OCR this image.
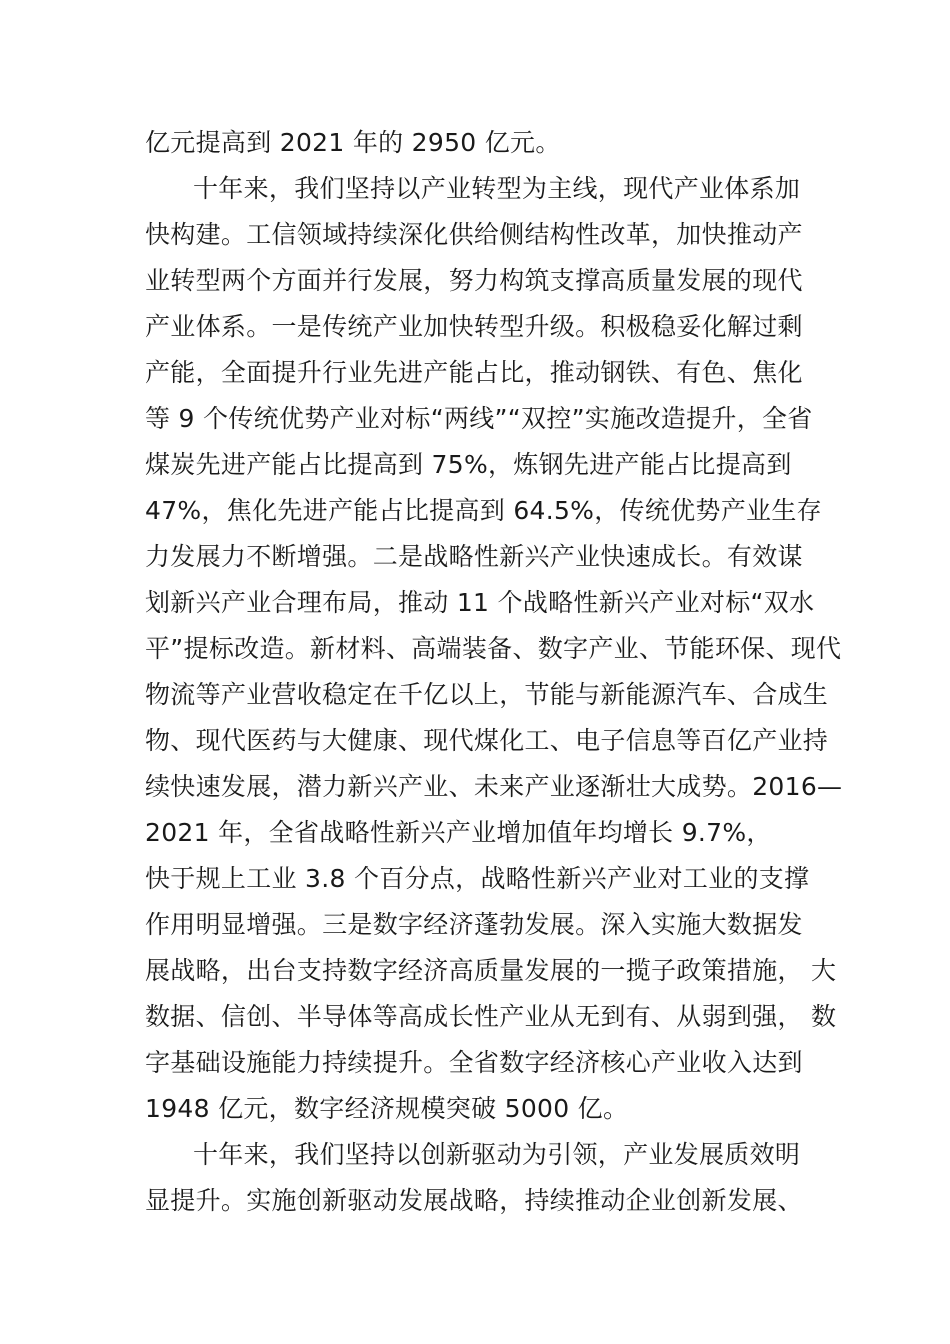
亿元提高到 2021 年的 2950 亿元。
十年来，我们坚持以产业转型为主线，现代产业体系加
快构建。工信领域持续深化供给侧结构性改革，加快推动产
业转型两个方面并行发展，努力构筑支撑高质量发展的现代
产业体系。一是传统产业加快转型升级。积极稳妥化解过剩
产能，全面提升行业先进产能占比，推动钢铁、有色、焦化
等 9 个传统优势产业对标“两线”“双控”实施改造提升，全省
煤炭先进产能占比提高到 75%，炼钢先进产能占比提高到
47%，焦化先进产能占比提高到 64.5%，传统优势产业生存
力发展力不断增强。二是战略性新兴产业快速成长。有效谋
划新兴产业合理布局，推动 11 个战略性新兴产业对标“双水
平”提标改造。新材料、高端装备、数字产业、节能环保、现代
物流等产业营收稳定在千亿以上，节能与新能源汽车、合成生
物、现代医药与大健康、现代煤化工、电子信息等百亿产业持
续快速发展，潜力新兴产业、未来产业逐渐壮大成势。2016—
2021 年，全省战略性新兴产业增加值年均增长 9.7%，
快于规上工业 3.8 个百分点，战略性新兴产业对工业的支撑
作用明显增强。三是数字经济蓬勃发展。深入实施大数据发
展战略，出台支持数字经济高质量发展的一揽子政策措施， 大
数据、信创、半导体等高成长性产业从无到有、从弱到强， 数
字基础设施能力持续提升。全省数字经济核心产业收入达到
1948 亿元，数字经济规模突破 5000 亿。
十年来，我们坚持以创新驱动为引领，产业发展质效明
显提升。实施创新驱动发展战略，持续推动企业创新发展、
